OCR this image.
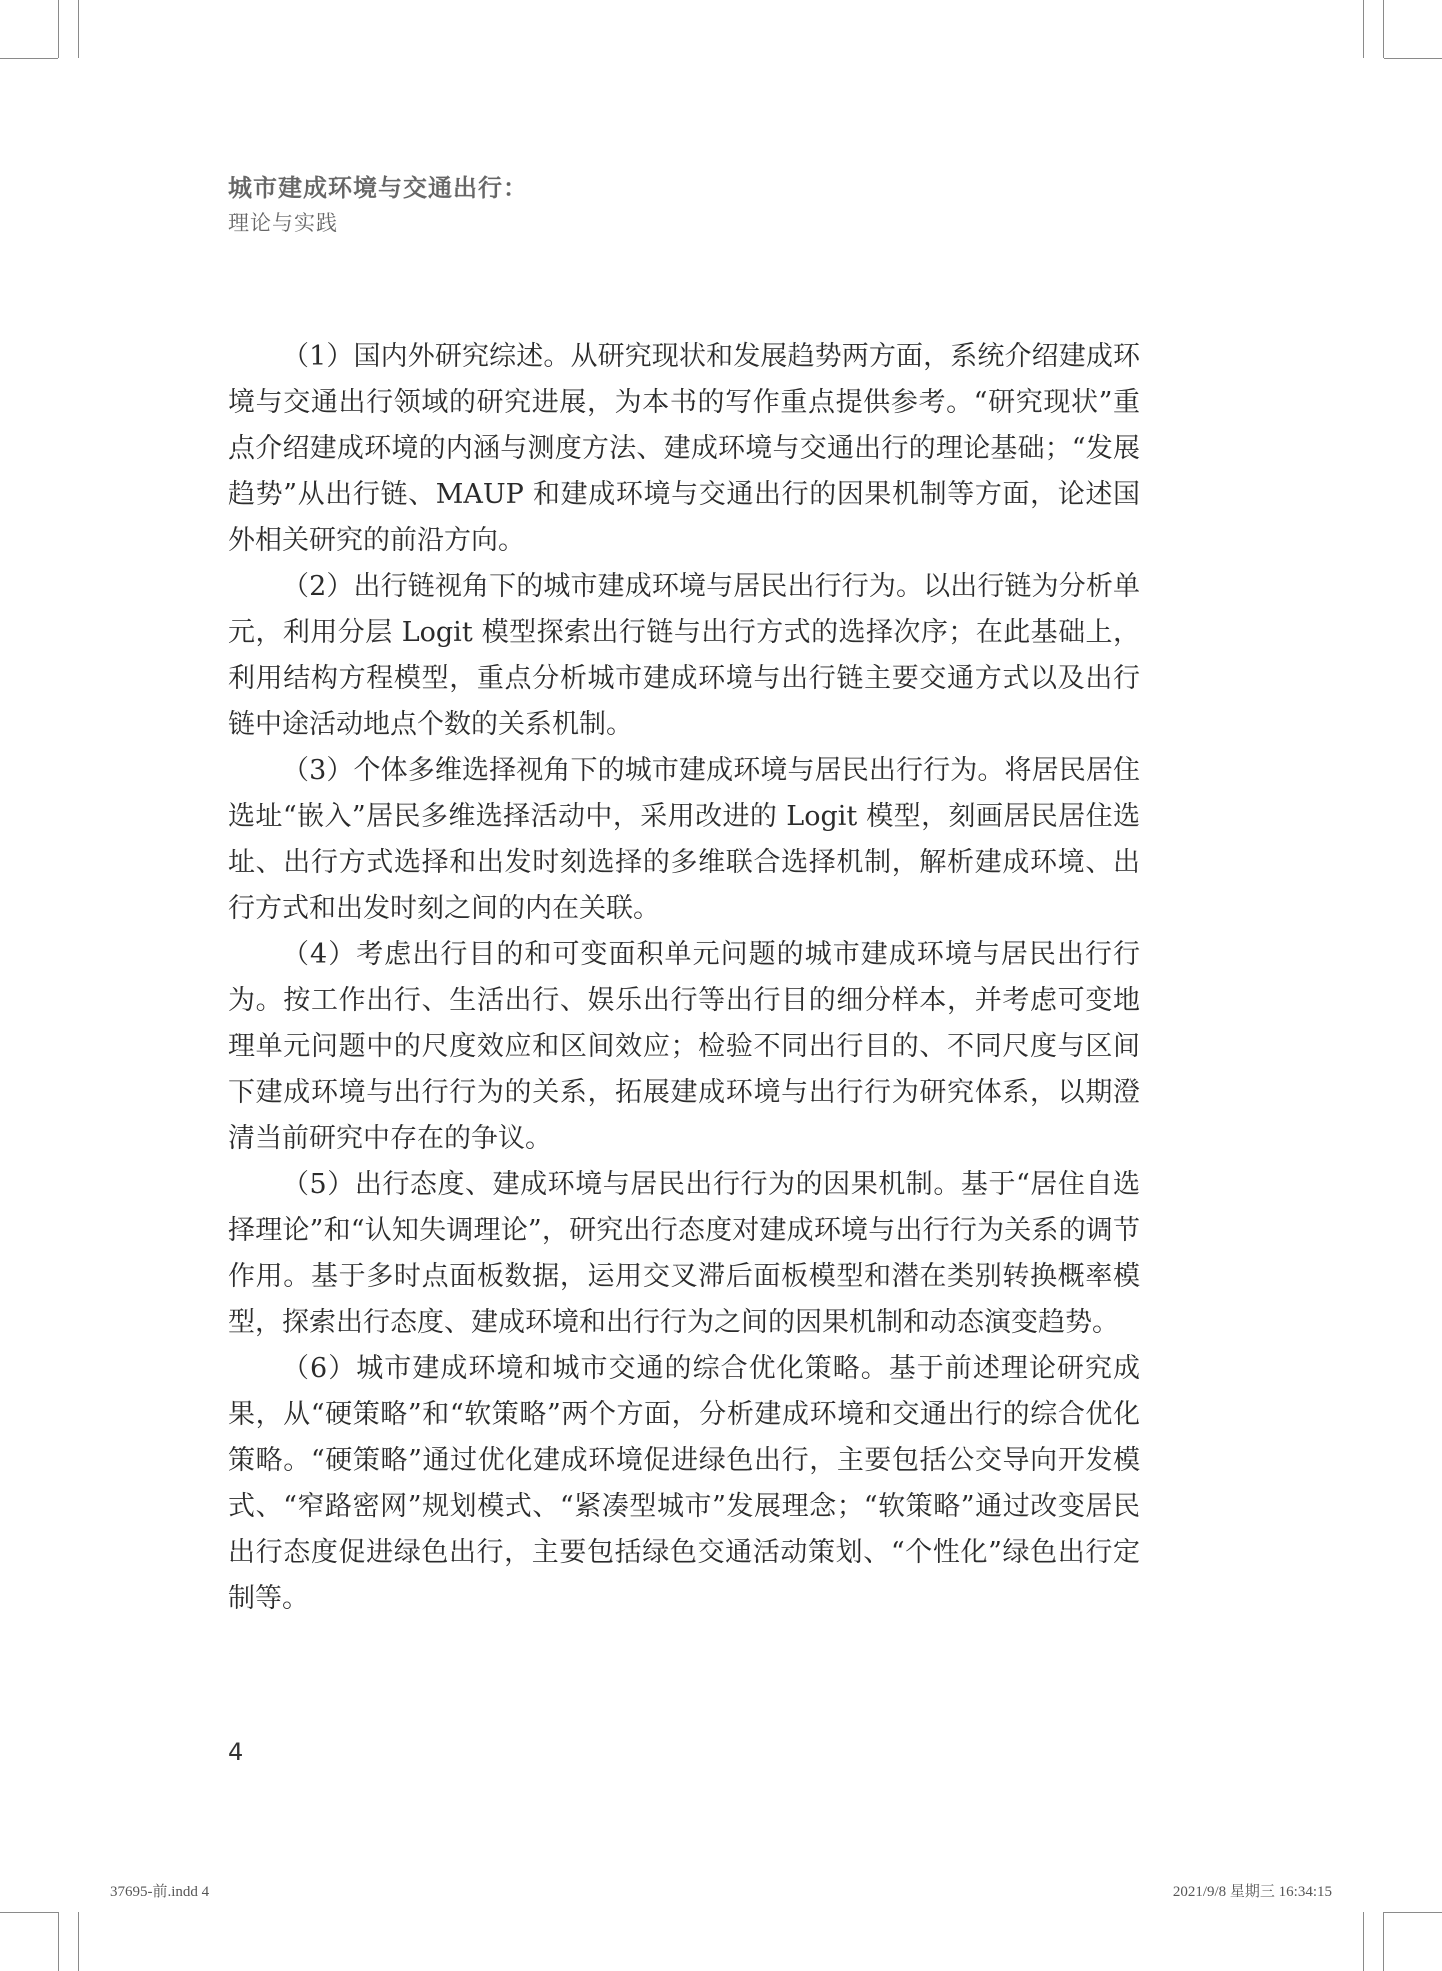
城市建成环境与交通出行：
理论与实践

（1）国内外研究综述。从研究现状和发展趋势两方面，系统介绍建成环境与交通出行领域的研究进展，为本书的写作重点提供参考。“研究现状”重点介绍建成环境的内涵与测度方法、建成环境与交通出行的理论基础；“发展趋势”从出行链、MAUP 和建成环境与交通出行的因果机制等方面，论述国外相关研究的前沿方向。

（2）出行链视角下的城市建成环境与居民出行行为。以出行链为分析单元，利用分层 Logit 模型探索出行链与出行方式的选择次序；在此基础上，利用结构方程模型，重点分析城市建成环境与出行链主要交通方式以及出行链中途活动地点个数的关系机制。

（3）个体多维选择视角下的城市建成环境与居民出行行为。将居民居住选址“嵌入”居民多维选择活动中，采用改进的 Logit 模型，刻画居民居住选址、出行方式选择和出发时刻选择的多维联合选择机制，解析建成环境、出行方式和出发时刻之间的内在关联。

（4）考虑出行目的和可变面积单元问题的城市建成环境与居民出行行为。按工作出行、生活出行、娱乐出行等出行目的细分样本，并考虑可变地理单元问题中的尺度效应和区间效应；检验不同出行目的、不同尺度与区间下建成环境与出行行为的关系，拓展建成环境与出行行为研究体系，以期澄清当前研究中存在的争议。

（5）出行态度、建成环境与居民出行行为的因果机制。基于“居住自选择理论”和“认知失调理论”，研究出行态度对建成环境与出行行为关系的调节作用。基于多时点面板数据，运用交叉滞后面板模型和潜在类别转换概率模型，探索出行态度、建成环境和出行行为之间的因果机制和动态演变趋势。

（6）城市建成环境和城市交通的综合优化策略。基于前述理论研究成果，从“硬策略”和“软策略”两个方面，分析建成环境和交通出行的综合优化策略。“硬策略”通过优化建成环境促进绿色出行，主要包括公交导向开发模式、“窄路密网”规划模式、“紧凑型城市”发展理念；“软策略”通过改变居民出行态度促进绿色出行，主要包括绿色交通活动策划、“个性化”绿色出行定制等。

4
37695-前.indd 4	2021/9/8 星期三 16:34:15
